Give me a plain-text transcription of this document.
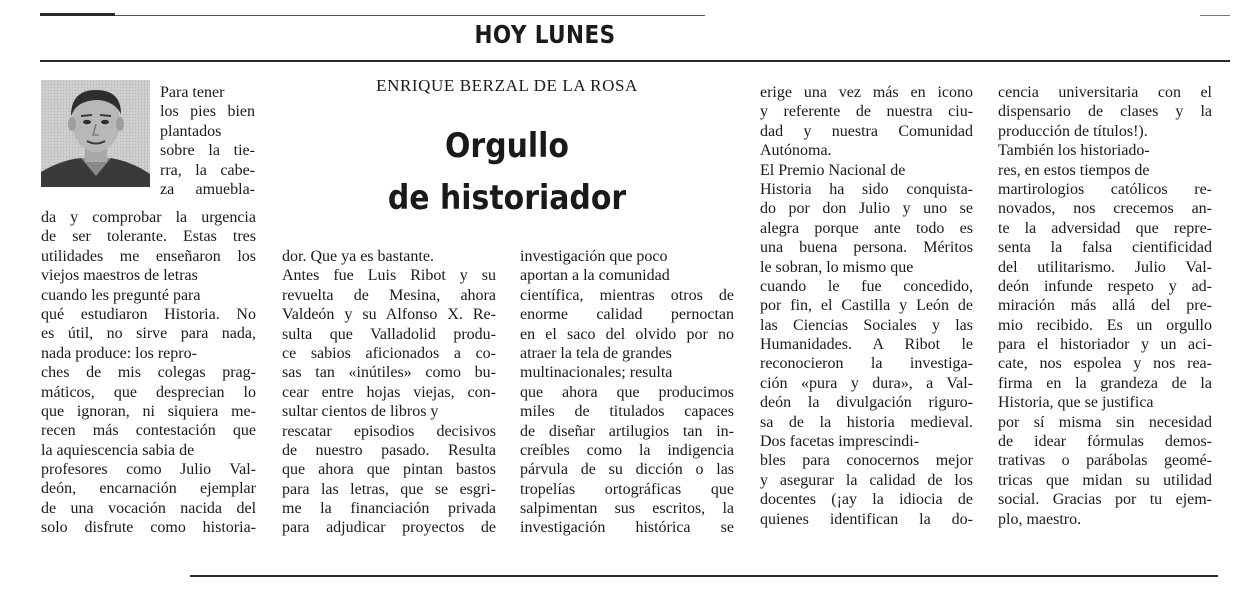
HOY LUNES
ENRIQUE BERZAL DE LA ROSA
Orgullo
de historiador
Para tener
los pies bien
plantados
sobre la tie-
rra, la cabe-
za amuebla-
da y comprobar la urgencia
de ser tolerante. Estas tres
utilidades me enseñaron los
viejos maestros de letras
cuando les pregunté para
qué estudiaron Historia. No
es útil, no sirve para nada,
nada produce: los repro-
ches de mis colegas prag-
máticos, que desprecian lo
que ignoran, ni siquiera me-
recen más contestación que
la aquiescencia sabia de
profesores como Julio Val-
deón, encarnación ejemplar
de una vocación nacida del
solo disfrute como historia-
dor. Que ya es bastante.
Antes fue Luis Ribot y su
revuelta de Mesina, ahora
Valdeón y su Alfonso X. Re-
sulta que Valladolid produ-
ce sabios aficionados a co-
sas tan «inútiles» como bu-
cear entre hojas viejas, con-
sultar cientos de libros y
rescatar episodios decisivos
de nuestro pasado. Resulta
que ahora que pintan bastos
para las letras, que se esgri-
me la financiación privada
para adjudicar proyectos de
investigación que poco
aportan a la comunidad
científica, mientras otros de
enorme calidad pernoctan
en el saco del olvido por no
atraer la tela de grandes
multinacionales; resulta
que ahora que producimos
miles de titulados capaces
de diseñar artilugios tan in-
creíbles como la indigencia
párvula de su dicción o las
tropelías ortográficas que
salpimentan sus escritos, la
investigación histórica se
erige una vez más en icono
y referente de nuestra ciu-
dad y nuestra Comunidad
Autónoma.
El Premio Nacional de
Historia ha sido conquista-
do por don Julio y uno se
alegra porque ante todo es
una buena persona. Méritos
le sobran, lo mismo que
cuando le fue concedido,
por fin, el Castilla y León de
las Ciencias Sociales y las
Humanidades. A Ribot le
reconocieron la investiga-
ción «pura y dura», a Val-
deón la divulgación rigurо-
sa de la historia medieval.
Dos facetas imprescindi-
bles para conocernos mejor
y asegurar la calidad de los
docentes (¡ay la idiocia de
quienes identifican la do-
cencia universitaria con el
dispensario de clases y la
producción de títulos!).
También los historiado-
res, en estos tiempos de
martirologios católicos re-
novados, nos crecemos an-
te la adversidad que repre-
senta la falsa cientificidad
del utilitarismo. Julio Val-
deón infunde respeto y ad-
miración más allá del pre-
mio recibido. Es un orgullo
para el historiador y un aci-
cate, nos espolea y nos rea-
firma en la grandeza de la
Historia, que se justifica
por sí misma sin necesidad
de idear fórmulas demos-
trativas o parábolas geomé-
tricas que midan su utilidad
social. Gracias por tu ejem-
plo, maestro.
